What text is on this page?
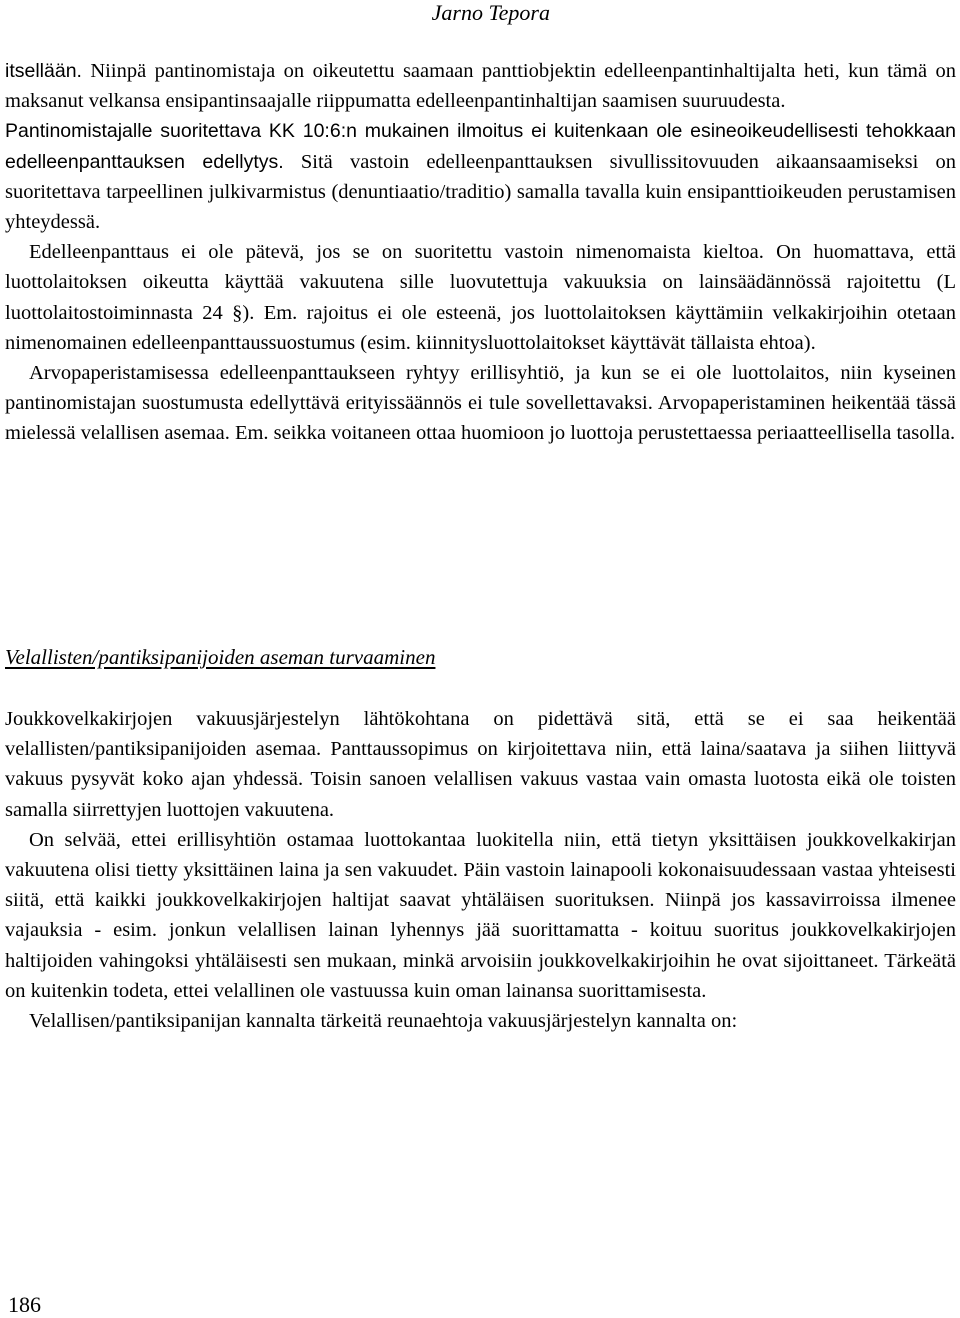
Jarno Tepora

itsellään. Niinpä pantinomistaja on oikeutettu saamaan panttiobjektin edelleenpantinhaltijalta heti, kun tämä on maksanut velkansa ensipantinsaajalle riippumatta edelleenpantinhaltijan saamisen suuruudesta.

Pantinomistajalle suoritettava KK 10:6:n mukainen ilmoitus ei kuitenkaan ole esineoikeudellisesti tehokkaan edelleenpanttauksen edellytys. Sitä vastoin edelleenpanttauksen sivullissitovuuden aikaansaamiseksi on suoritettava tarpeellinen julkivarmistus (denuntiaatio/traditio) samalla tavalla kuin ensipanttioikeuden perustamisen yhteydessä.

Edelleenpanttaus ei ole pätevä, jos se on suoritettu vastoin nimenomaista kieltoa. On huomattava, että luottolaitoksen oikeutta käyttää vakuutena sille luovutettuja vakuuksia on lainsäädännössä rajoitettu (L luottolaitostoiminnasta 24 §). Em. rajoitus ei ole esteenä, jos luottolaitoksen käyttämiin velkakirjoihin otetaan nimenomainen edelleenpanttaussuostumus (esim. kiinnitysluottolaitokset käyttävät tällaista ehtoa).

Arvopaperistamisessa edelleenpanttaukseen ryhtyy erillisyhtiö, ja kun se ei ole luottolaitos, niin kyseinen pantinomistajan suostumusta edellyttävä erityissäännös ei tule sovellettavaksi. Arvopaperistaminen heikentää tässä mielessä velallisen asemaa. Em. seikka voitaneen ottaa huomioon jo luottoja perustettaessa periaatteellisella tasolla.

Velallisten/pantiksipanijoiden aseman turvaaminen

Joukkovelkakirjojen vakuusjärjestelyn lähtökohtana on pidettävä sitä, että se ei saa heikentää velallisten/pantiksipanijoiden asemaa. Panttaussopimus on kirjoitettava niin, että laina/saatava ja siihen liittyvä vakuus pysyvät koko ajan yhdessä. Toisin sanoen velallisen vakuus vastaa vain omasta luotosta eikä ole toisten samalla siirrettyjen luottojen vakuutena.

On selvää, ettei erillisyhtiön ostamaa luottokantaa luokitella niin, että tietyn yksittäisen joukkovelkakirjan vakuutena olisi tietty yksittäinen laina ja sen vakuudet. Päin vastoin lainapooli kokonaisuudessaan vastaa yhteisesti siitä, että kaikki joukkovelkakirjojen haltijat saavat yhtäläisen suorituksen. Niinpä jos kassavirroissa ilmenee vajauksia - esim. jonkun velallisen lainan lyhennys jää suorittamatta - koituu suoritus joukkovelkakirjojen haltijoiden vahingoksi yhtäläisesti sen mukaan, minkä arvoisiin joukkovelkakirjoihin he ovat sijoittaneet. Tärkeätä on kuitenkin todeta, ettei velallinen ole vastuussa kuin oman lainansa suorittamisesta.

Velallisen/pantiksipanijan kannalta tärkeitä reunaehtoja vakuusjärjestelyn kannalta on:

186
